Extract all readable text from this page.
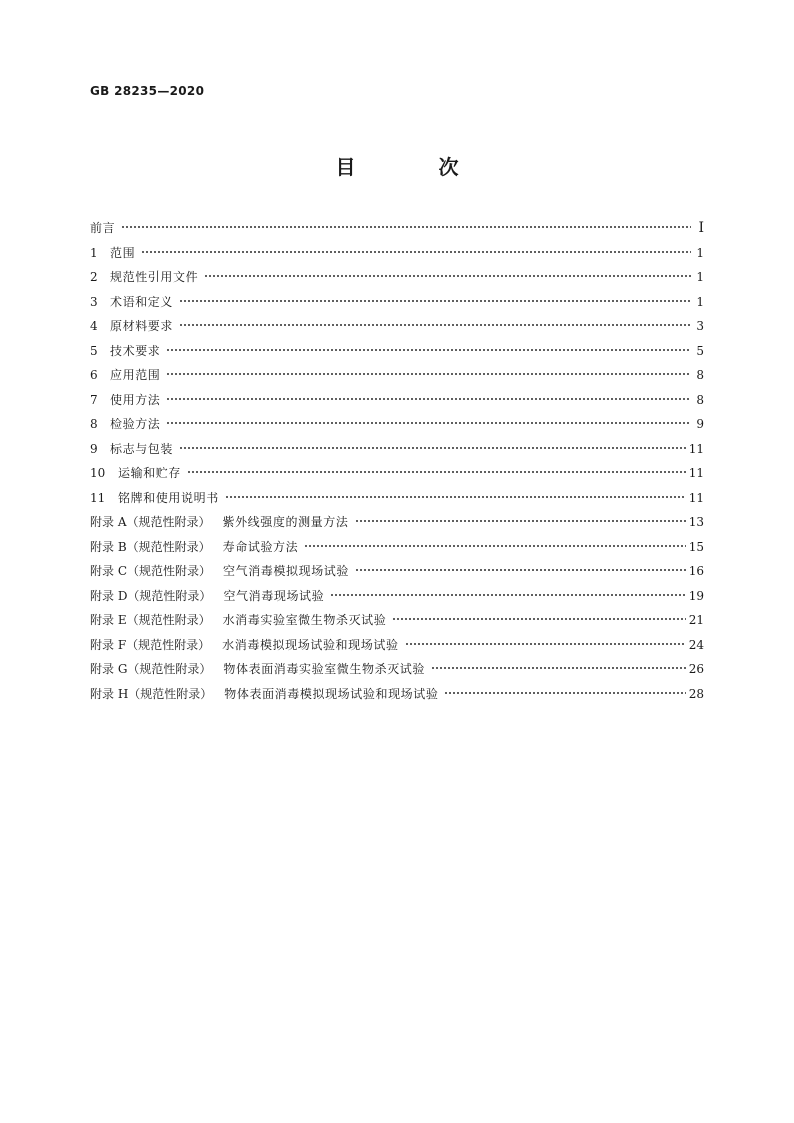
GB 28235—2020
目 次
前言	I
1	范围	1
2	规范性引用文件	1
3	术语和定义	1
4	原材料要求	3
5	技术要求	5
6	应用范围	8
7	使用方法	8
8	检验方法	9
9	标志与包装	11
10	运输和贮存	11
11	铭牌和使用说明书	11
附录 A（规范性附录） 紫外线强度的测量方法	13
附录 B（规范性附录） 寿命试验方法	15
附录 C（规范性附录） 空气消毒模拟现场试验	16
附录 D（规范性附录） 空气消毒现场试验	19
附录 E（规范性附录） 水消毒实验室微生物杀灭试验	21
附录 F（规范性附录） 水消毒模拟现场试验和现场试验	24
附录 G（规范性附录） 物体表面消毒实验室微生物杀灭试验	26
附录 H（规范性附录） 物体表面消毒模拟现场试验和现场试验	28
